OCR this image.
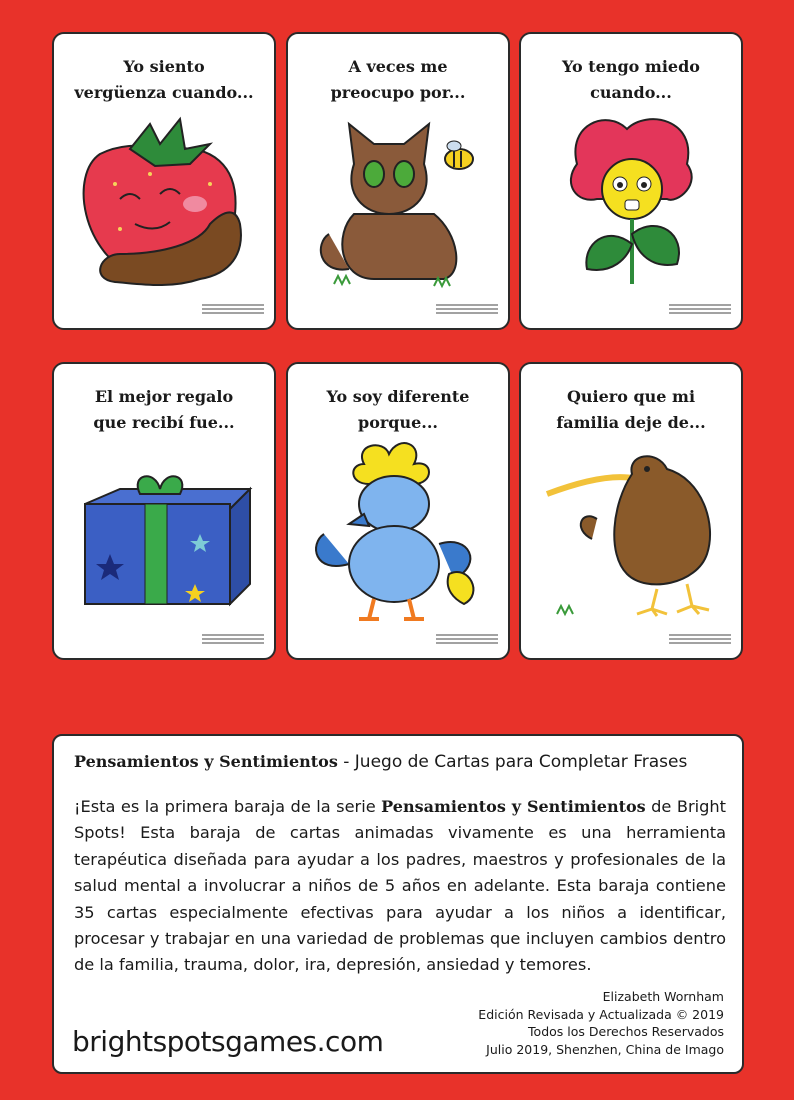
Yo siento
vergüenza cuando...
A veces me
preocupo por...
Yo tengo miedo
cuando...
El mejor regalo
que recibí fue...
Yo soy diferente
porque...
Quiero que mi
familia deje de...
Pensamientos y Sentimientos - Juego de Cartas para Completar Frases
¡Esta es la primera baraja de la serie Pensamientos y Sentimientos de Bright Spots! Esta baraja de cartas animadas vivamente es una herramienta terapéutica diseñada para ayudar a los padres, maestros y profesionales de la salud mental a involucrar a niños de 5 años en adelante. Esta baraja contiene 35 cartas especialmente efectivas para ayudar a los niños a identificar, procesar y trabajar en una variedad de problemas que incluyen cambios dentro de la familia, trauma, dolor, ira, depresión, ansiedad y temores.
Elizabeth Wornham
Edición Revisada y Actualizada © 2019
Todos los Derechos Reservados
Julio 2019, Shenzhen, China de Imago
brightspotsgames.com
